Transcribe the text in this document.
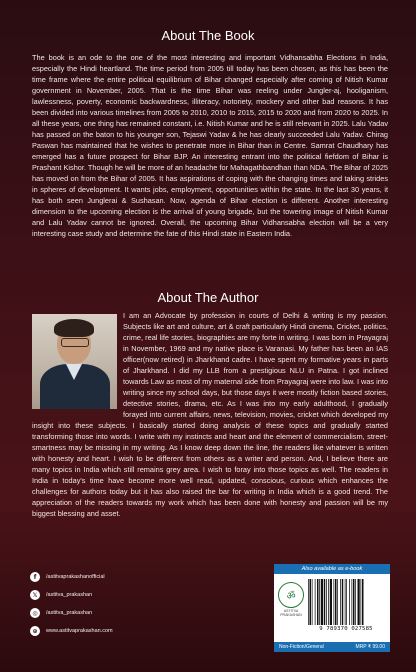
About The Book

The book is an ode to the one of the most interesting and important Vidhansabha Elections in India, especially the Hindi heartland. The time period from 2005 till today has been chosen, as this has been the time frame where the entire political equilibrium of Bihar changed especially after coming of Nitish Kumar government in November, 2005. That is the time Bihar was reeling under Jungler-aj, hooliganism, lawlessness, poverty, economic backwardness, illiteracy, notoriety, mockery and other bad reasons. It has been divided into various timelines from 2005 to 2010, 2010 to 2015, 2015 to 2020 and from 2020 to 2025. In all these years, one thing has remained constant, i.e. Nitish Kumar and he is still relevant in 2025. Lalu Yadav has passed on the baton to his younger son, Tejaswi Yadav & he has clearly succeeded Lalu Yadav. Chirag Paswan has maintained that he wishes to penetrate more in Bihar than in Centre. Samrat Chaudhary has emerged has a future prospect for Bihar BJP. An interesting entrant into the political fiefdom of Bihar is Prashant Kishor. Though he will be more of an headache for Mahagathbandhan than NDA. The Bihar of 2025 has moved on from the Bihar of 2005. It has aspirations of coping with the changing times and taking strides in spheres of development. It wants jobs, employment, opportunities within the state. In the last 30 years, it has both seen Junglerai & Sushasan. Now, agenda of Bihar election is different. Another interesting dimension to the upcoming election is the arrival of young brigade, but the towering image of Nitish Kumar and Lalu Yadav cannot be ignored. Overall, the upcoming Bihar Vidhansabha election will be a very interesting case study and determine the fate of this Hindi state in Eastern India.

About The Author

I am an Advocate by profession in courts of Delhi & writing is my passion. Subjects like art and culture, art & craft particularly Hindi cinema, Cricket, politics, crime, real life stories, biographies are my forte in writing. I was born in Prayagraj in November, 1969 and my native place is Varanasi. My father has been an IAS officer(now retired) in Jharkhand cadre. I have spent my formative years in parts of Jharkhand. I did my LLB from a prestigious NLU in Patna. I got inclined towards Law as most of my maternal side from Prayagraj were into law. I was into writing since my school days, but those days it were mostly fiction based stories, detective stories, drama, etc. As I was into my early adulthood, I gradually forayed into current affairs, news, television, movies, cricket which developed my insight into these subjects. I basically started doing analysis of these topics and gradually started transforming those into words. I write with my instincts and heart and the element of commercialism, street-smartness may be missing in my writing. As I know deep down the line, the readers like whatever is written with honesty and heart. I wish to be different from others as a writer and person. And, I believe there are many topics in India which still remains grey area. I wish to foray into those topics as well. The readers in India in today's time have become more well read, updated, conscious, curious which enhances the challenges for authors today but it has also raised the bar for writing in India which is a good trend. The appreciation of the readers towards my work which has been done with honesty and passion will be my biggest blessing and asset.

f	/astitvaprakashanofficial
𝕏	/astitva_prakashan
◎	/astitva_prakashan
⊕	www.astitvaprakashan.com
Also available as e-book
ॐ
ASTITVA PRAKASHAN
9 789370 027585
Non-Fiction/General	MRP ₹ 99.00
